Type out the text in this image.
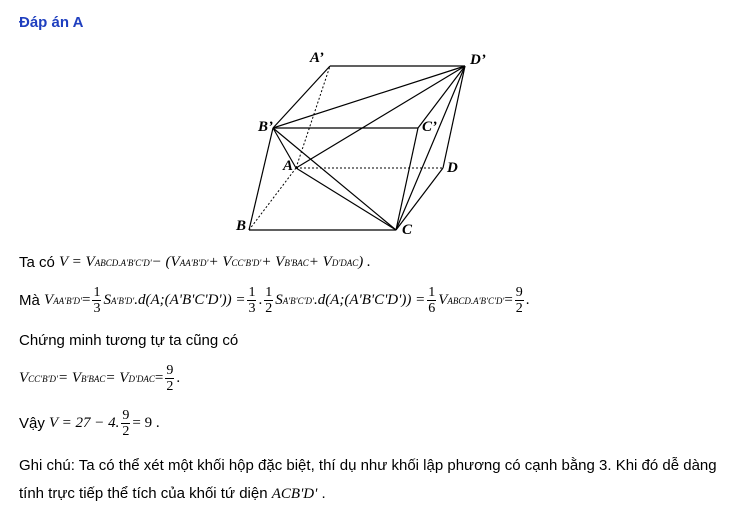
Đáp án A
A’	D’
B’	C’
A	D
B	C
Ta có
V = V ABCD.A'B'C'D' − (V AA'B'D' + V CC'B'D' + V B'BAC + V D'DAC ) .
Mà
V $AA'B'D' = \frac{1}{3}$ S A'B'D' .d(A;(A'B'C'D')) = $\frac{1}{3}$ . $\frac{1}{2}$ S A'B'C'D' .d(A;(A'B'C'D')) = $\frac{1}{6}$ V ABCD.A'B'C'D' = $\frac{9}{2}$ .
Chứng minh tương tự ta cũng có
V CC'B'D' = V B'BAC = V $D'DAC = \frac{9}{2}$ .
Vậy
V = 27 − 4. $\frac{9}{2} = 9$ .
Ghi chú: Ta có thể xét một khối hộp đặc biệt, thí dụ như khối lập phương có cạnh bằng 3. Khi đó dễ dàng tính trực tiếp thể tích của khối tứ diện ACB'D' .
